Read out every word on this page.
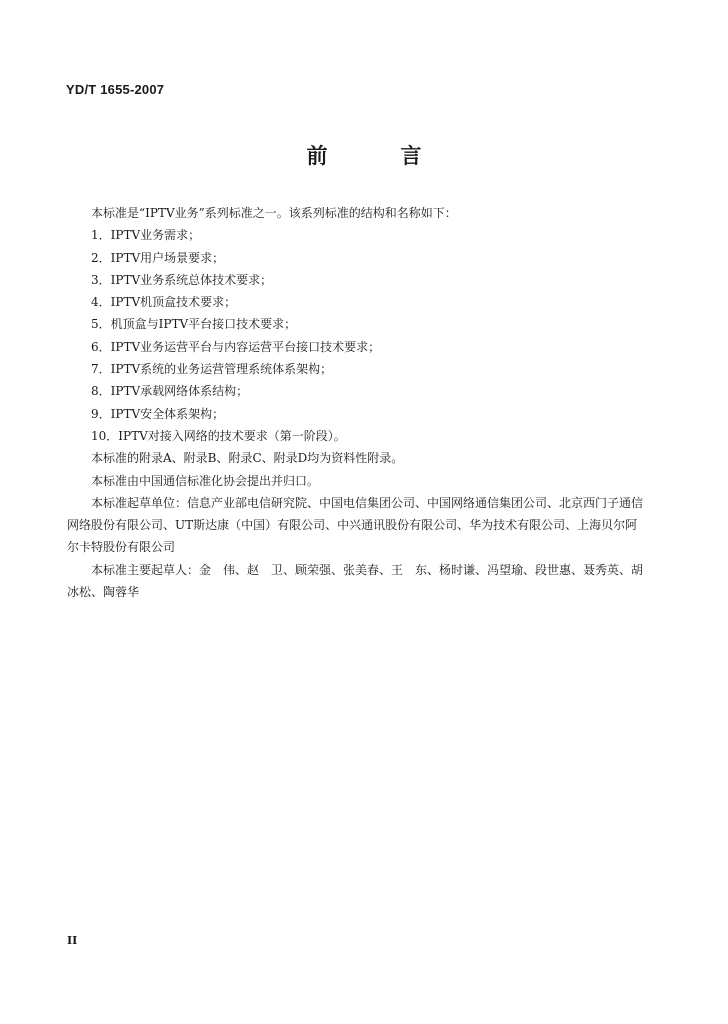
YD/T 1655-2007
前　言

本标准是“IPTV业务”系列标准之一。该系列标准的结构和名称如下：

1．IPTV业务需求；

2．IPTV用户场景要求；

3．IPTV业务系统总体技术要求；

4．IPTV机顶盒技术要求；

5．机顶盒与IPTV平台接口技术要求；

6．IPTV业务运营平台与内容运营平台接口技术要求；

7．IPTV系统的业务运营管理系统体系架构；

8．IPTV承载网络体系结构；

9．IPTV安全体系架构；

10．IPTV对接入网络的技术要求（第一阶段）。

本标准的附录A、附录B、附录C、附录D均为资料性附录。

本标准由中国通信标准化协会提出并归口。

本标准起草单位：信息产业部电信研究院、中国电信集团公司、中国网络通信集团公司、北京西门子通信网络股份有限公司、UT斯达康（中国）有限公司、中兴通讯股份有限公司、华为技术有限公司、上海贝尔阿尔卡特股份有限公司

本标准主要起草人：金　伟、赵　卫、顾荣强、张美春、王　东、杨时谦、冯望瑜、段世惠、聂秀英、胡冰松、陶蓉华

II
